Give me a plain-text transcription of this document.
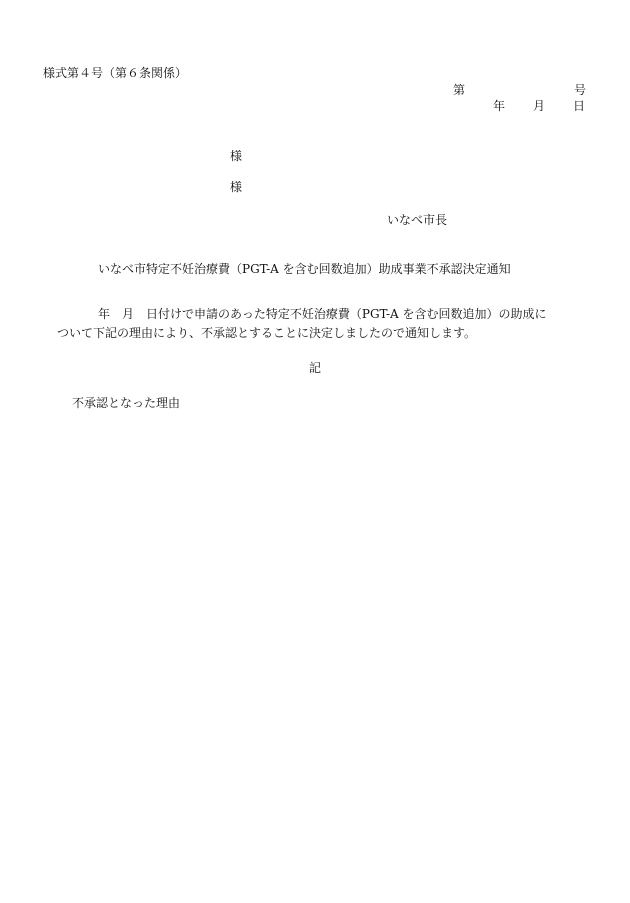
様式第４号（第６条関係）
第	号
年 月 日
様
様
いなべ市長
いなべ市特定不妊治療費（PGT-A を含む回数追加）助成事業不承認決定通知
年　月　日付けで申請のあった特定不妊治療費（PGT-A を含む回数追加）の助成に
ついて下記の理由により、不承認とすることに決定しましたので通知します。
記
不承認となった理由
